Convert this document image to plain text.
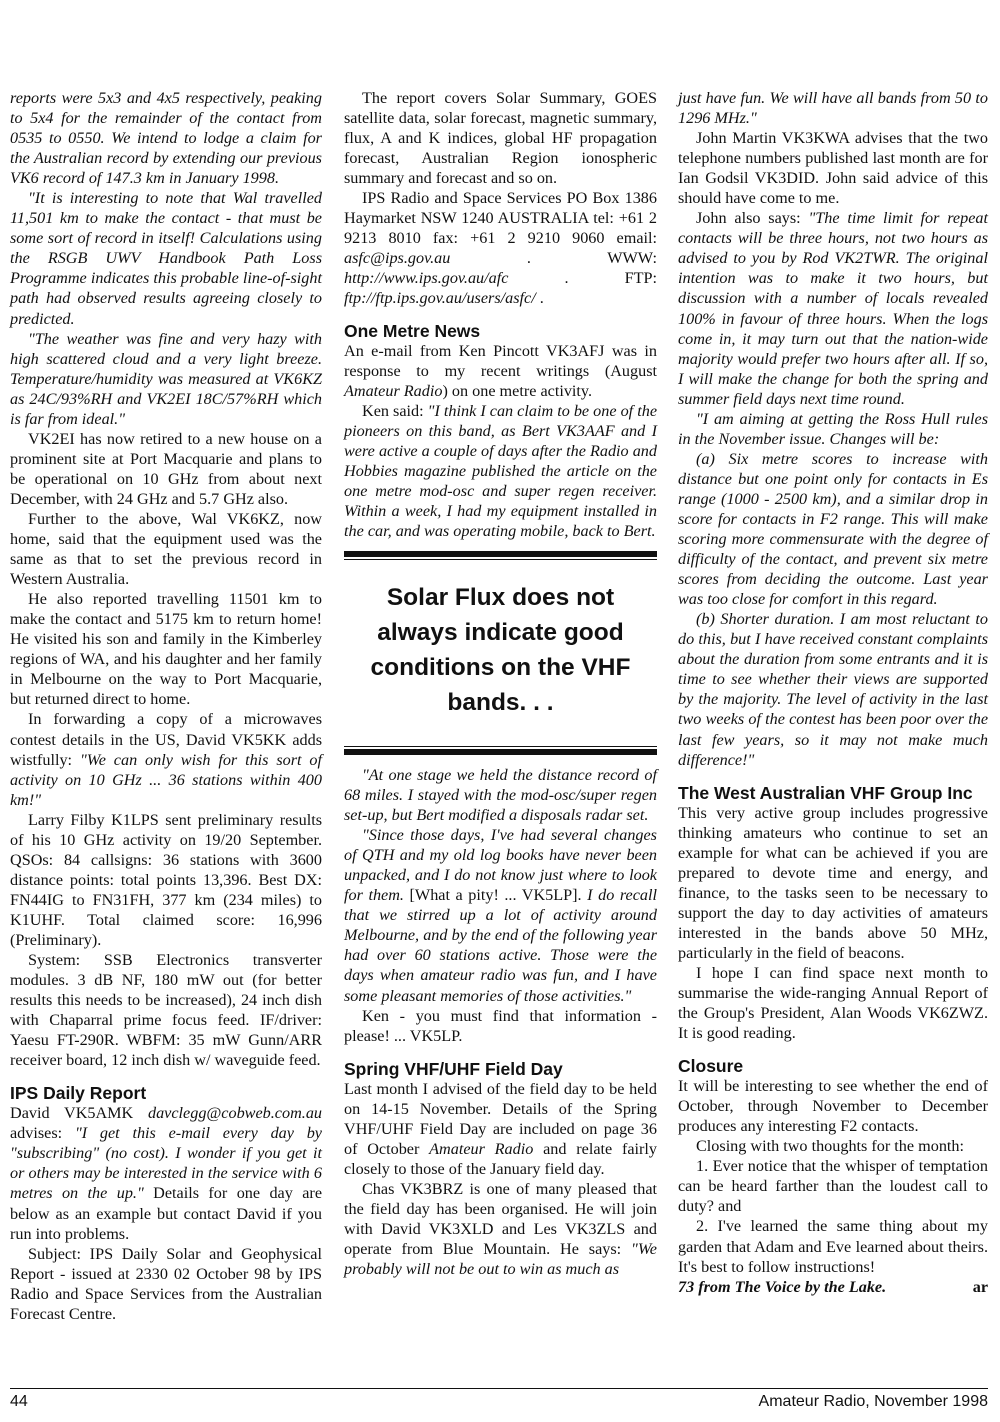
reports were 5x3 and 4x5 respectively, peaking to 5x4 for the remainder of the contact from 0535 to 0550. We intend to lodge a claim for the Australian record by extending our previous VK6 record of 147.3 km in January 1998.

"It is interesting to note that Wal travelled 11,501 km to make the contact - that must be some sort of record in itself! Calculations using the RSGB UWV Handbook Path Loss Programme indicates this probable line-of-sight path had observed results agreeing closely to predicted.

"The weather was fine and very hazy with high scattered cloud and a very light breeze. Temperature/humidity was measured at VK6KZ as 24C/93%RH and VK2EI 18C/57%RH which is far from ideal."

VK2EI has now retired to a new house on a prominent site at Port Macquarie and plans to be operational on 10 GHz from about next December, with 24 GHz and 5.7 GHz also.

Further to the above, Wal VK6KZ, now home, said that the equipment used was the same as that to set the previous record in Western Australia.

He also reported travelling 11501 km to make the contact and 5175 km to return home! He visited his son and family in the Kimberley regions of WA, and his daughter and her family in Melbourne on the way to Port Macquarie, but returned direct to home.

In forwarding a copy of a microwaves contest details in the US, David VK5KK adds wistfully: "We can only wish for this sort of activity on 10 GHz ... 36 stations within 400 km!"

Larry Filby K1LPS sent preliminary results of his 10 GHz activity on 19/20 September. QSOs: 84 callsigns: 36 stations with 3600 distance points: total points 13,396. Best DX: FN44IG to FN31FH, 377 km (234 miles) to K1UHF. Total claimed score: 16,996 (Preliminary).

System: SSB Electronics transverter modules. 3 dB NF, 180 mW out (for better results this needs to be increased), 24 inch dish with Chaparral prime focus feed. IF/driver: Yaesu FT-290R. WBFM: 35 mW Gunn/ARR receiver board, 12 inch dish w/ waveguide feed.

IPS Daily Report

David VK5AMK davclegg@cobweb.com.au advises: "I get this e-mail every day by "subscribing" (no cost). I wonder if you get it or others may be interested in the service with 6 metres on the up." Details for one day are below as an example but contact David if you run into problems.

Subject: IPS Daily Solar and Geophysical Report - issued at 2330 02 October 98 by IPS Radio and Space Services from the Australian Forecast Centre.

The report covers Solar Summary, GOES satellite data, solar forecast, magnetic summary, flux, A and K indices, global HF propagation forecast, Australian Region ionospheric summary and forecast and so on.

IPS Radio and Space Services PO Box 1386 Haymarket NSW 1240 AUSTRALIA tel: +61 2 9213 8010 fax: +61 2 9210 9060 email: asfc@ips.gov.au . WWW: http://www.ips.gov.au/afc . FTP: ftp://ftp.ips.gov.au/users/asfc/ .

One Metre News

An e-mail from Ken Pincott VK3AFJ was in response to my recent writings (August Amateur Radio) on one metre activity.

Ken said: "I think I can claim to be one of the pioneers on this band, as Bert VK3AAF and I were active a couple of days after the Radio and Hobbies magazine published the article on the one metre mod-osc and super regen receiver. Within a week, I had my equipment installed in the car, and was operating mobile, back to Bert.

Solar Flux does not always indicate good conditions on the VHF bands. . .

"At one stage we held the distance record of 68 miles. I stayed with the mod-osc/super regen set-up, but Bert modified a disposals radar set.

"Since those days, I've had several changes of QTH and my old log books have never been unpacked, and I do not know just where to look for them. [What a pity! ... VK5LP]. I do recall that we stirred up a lot of activity around Melbourne, and by the end of the following year had over 60 stations active. Those were the days when amateur radio was fun, and I have some pleasant memories of those activities."

Ken - you must find that information - please! ... VK5LP.

Spring VHF/UHF Field Day

Last month I advised of the field day to be held on 14-15 November. Details of the Spring VHF/UHF Field Day are included on page 36 of October Amateur Radio and relate fairly closely to those of the January field day.

Chas VK3BRZ is one of many pleased that the field day has been organised. He will join with David VK3XLD and Les VK3ZLS and operate from Blue Mountain. He says: "We probably will not be out to win as much as

just have fun. We will have all bands from 50 to 1296 MHz."

John Martin VK3KWA advises that the two telephone numbers published last month are for Ian Godsil VK3DID. John said advice of this should have come to me.

John also says: "The time limit for repeat contacts will be three hours, not two hours as advised to you by Rod VK2TWR. The original intention was to make it two hours, but discussion with a number of locals revealed 100% in favour of three hours. When the logs come in, it may turn out that the nation-wide majority would prefer two hours after all. If so, I will make the change for both the spring and summer field days next time round.

"I am aiming at getting the Ross Hull rules in the November issue. Changes will be:

(a) Six metre scores to increase with distance but one point only for contacts in Es range (1000 - 2500 km), and a similar drop in score for contacts in F2 range. This will make scoring more commensurate with the degree of difficulty of the contact, and prevent six metre scores from deciding the outcome. Last year was too close for comfort in this regard.

(b) Shorter duration. I am most reluctant to do this, but I have received constant complaints about the duration from some entrants and it is time to see whether their views are supported by the majority. The level of activity in the last two weeks of the contest has been poor over the last few years, so it may not make much difference!"

The West Australian VHF Group Inc

This very active group includes progressive thinking amateurs who continue to set an example for what can be achieved if you are prepared to devote time and energy, and finance, to the tasks seen to be necessary to support the day to day activities of amateurs interested in the bands above 50 MHz, particularly in the field of beacons.

I hope I can find space next month to summarise the wide-ranging Annual Report of the Group's President, Alan Woods VK6ZWZ. It is good reading.

Closure

It will be interesting to see whether the end of October, through November to December produces any interesting F2 contacts.

Closing with two thoughts for the month:

1. Ever notice that the whisper of temptation can be heard farther than the loudest call to duty? and

2. I've learned the same thing about my garden that Adam and Eve learned about theirs. It's best to follow instructions!

73 from The Voice by the Lake.	ar

44	Amateur Radio, November 1998
